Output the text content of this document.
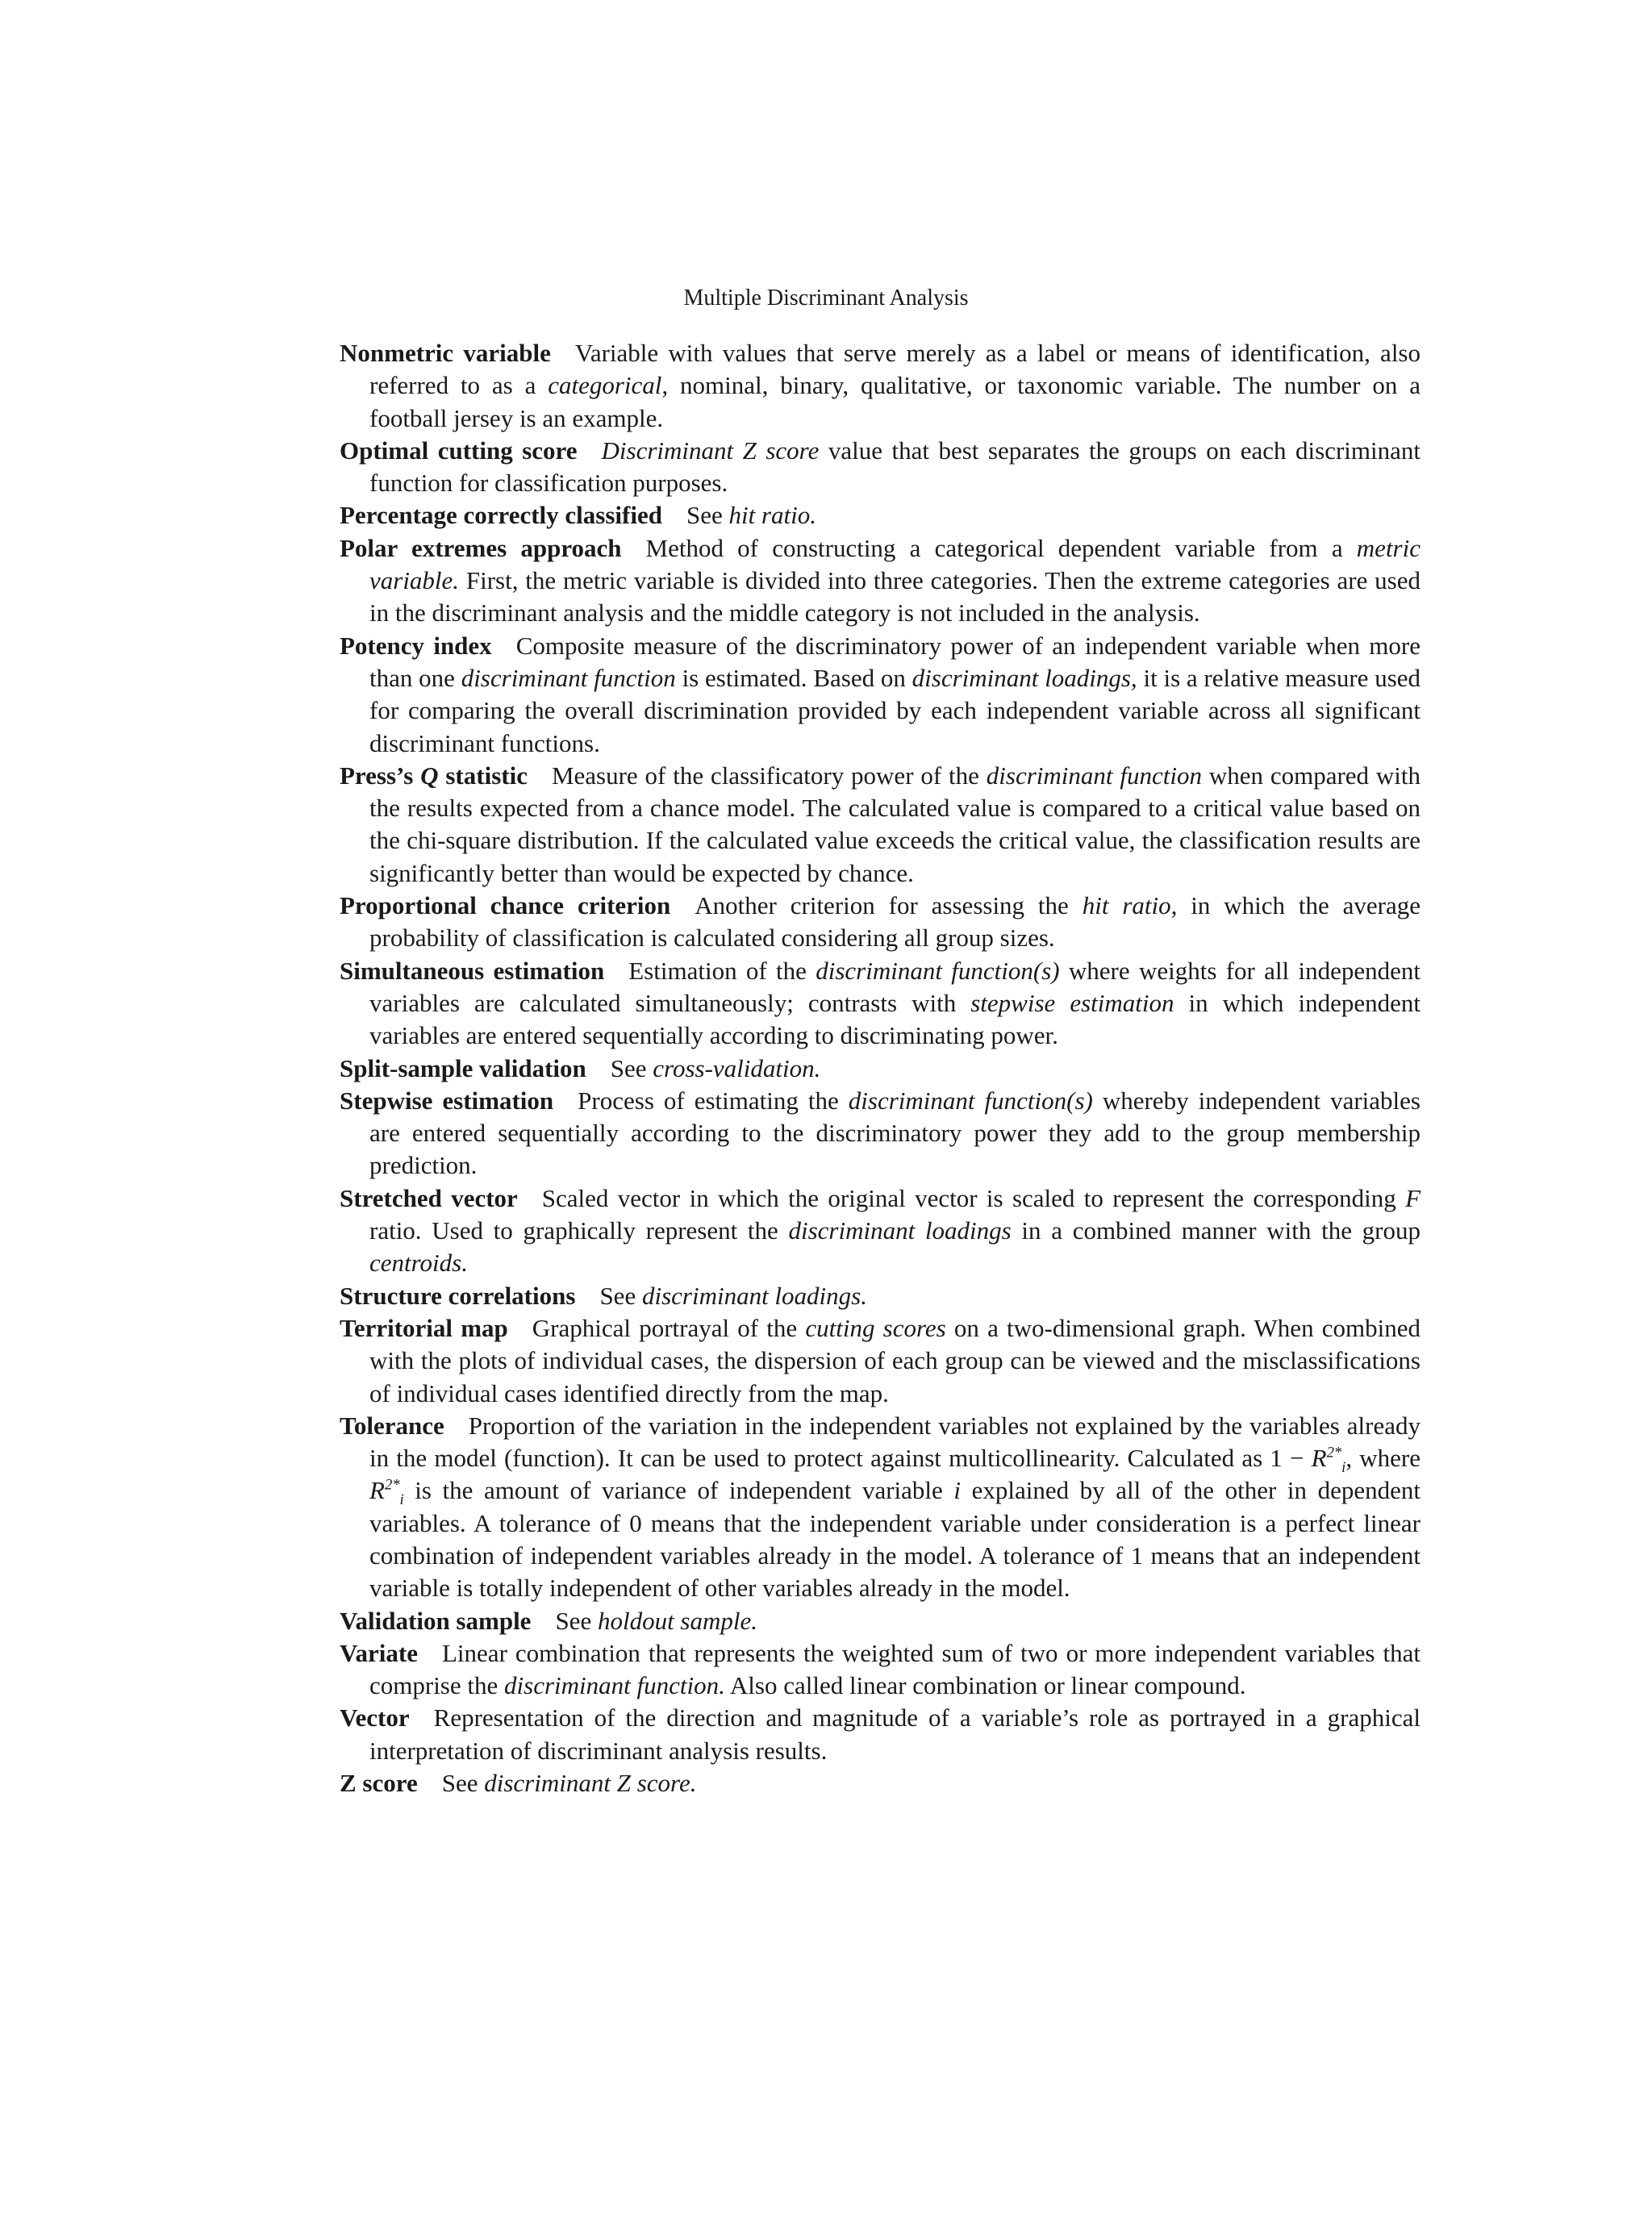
Multiple Discriminant Analysis

Nonmetric variable Variable with values that serve merely as a label or means of identification, also referred to as a categorical, nominal, binary, qualitative, or taxonomic variable. The number on a football jersey is an example.

Optimal cutting score Discriminant Z score value that best separates the groups on each discriminant function for classification purposes.

Percentage correctly classified See hit ratio.

Polar extremes approach Method of constructing a categorical dependent variable from a metric variable. First, the metric variable is divided into three categories. Then the extreme categories are used in the discriminant analysis and the middle category is not included in the analysis.

Potency index Composite measure of the discriminatory power of an independent variable when more than one discriminant function is estimated. Based on discriminant loadings, it is a relative measure used for comparing the overall discrimination provided by each independent variable across all significant discriminant functions.

Press’s Q statistic Measure of the classificatory power of the discriminant function when compared with the results expected from a chance model. The calculated value is compared to a critical value based on the chi-square distribution. If the calculated value exceeds the critical value, the classification results are significantly better than would be expected by chance.

Proportional chance criterion Another criterion for assessing the hit ratio, in which the average probability of classification is calculated considering all group sizes.

Simultaneous estimation Estimation of the discriminant function(s) where weights for all independent variables are calculated simultaneously; contrasts with stepwise estimation in which independent variables are entered sequentially according to discriminating power.

Split-sample validation See cross-validation.

Stepwise estimation Process of estimating the discriminant function(s) whereby independent variables are entered sequentially according to the discriminatory power they add to the group membership prediction.

Stretched vector Scaled vector in which the original vector is scaled to represent the corresponding F ratio. Used to graphically represent the discriminant loadings in a combined manner with the group centroids.

Structure correlations See discriminant loadings.

Territorial map Graphical portrayal of the cutting scores on a two-dimensional graph. When combined with the plots of individual cases, the dispersion of each group can be viewed and the misclassifications of individual cases identified directly from the map.

Tolerance Proportion of the variation in the independent variables not explained by the variables already in the model (function). It can be used to protect against multicollinearity. Calculated as $1 - R^{2*}_i$, where $R^{2*}_i$ is the amount of variance of independent variable i explained by all of the other in dependent variables. A tolerance of 0 means that the independent variable under consideration is a perfect linear combination of independent variables already in the model. A tolerance of 1 means that an independent variable is totally independent of other variables already in the model.

Validation sample See holdout sample.

Variate Linear combination that represents the weighted sum of two or more independent variables that comprise the discriminant function. Also called linear combination or linear compound.

Vector Representation of the direction and magnitude of a variable’s role as portrayed in a graphical interpretation of discriminant analysis results.

Z score See discriminant Z score.
